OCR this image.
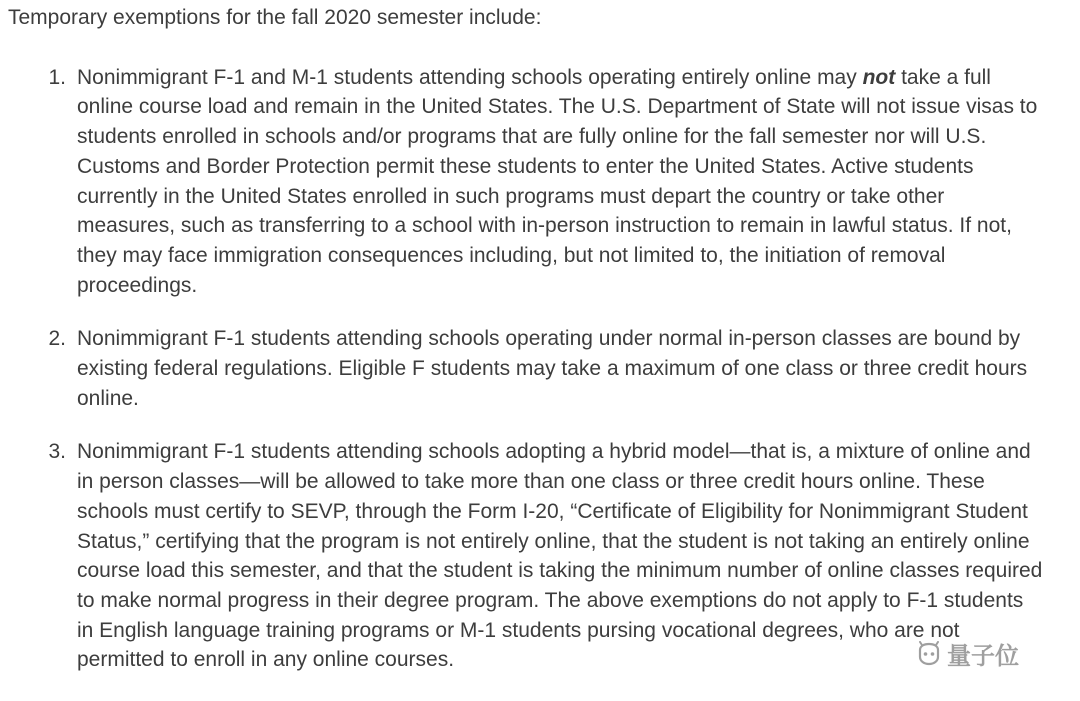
Temporary exemptions for the fall 2020 semester include:

1. Nonimmigrant F-1 and M-1 students attending schools operating entirely online may not take a full online course load and remain in the United States. The U.S. Department of State will not issue visas to students enrolled in schools and/or programs that are fully online for the fall semester nor will U.S. Customs and Border Protection permit these students to enter the United States. Active students currently in the United States enrolled in such programs must depart the country or take other measures, such as transferring to a school with in-person instruction to remain in lawful status. If not, they may face immigration consequences including, but not limited to, the initiation of removal proceedings.
2. Nonimmigrant F-1 students attending schools operating under normal in-person classes are bound by existing federal regulations. Eligible F students may take a maximum of one class or three credit hours online.
3. Nonimmigrant F-1 students attending schools adopting a hybrid model—that is, a mixture of online and in person classes—will be allowed to take more than one class or three credit hours online. These schools must certify to SEVP, through the Form I-20, “Certificate of Eligibility for Nonimmigrant Student Status,” certifying that the program is not entirely online, that the student is not taking an entirely online course load this semester, and that the student is taking the minimum number of online classes required to make normal progress in their degree program. The above exemptions do not apply to F-1 students in English language training programs or M-1 students pursing vocational degrees, who are not permitted to enroll in any online courses.	量子位
